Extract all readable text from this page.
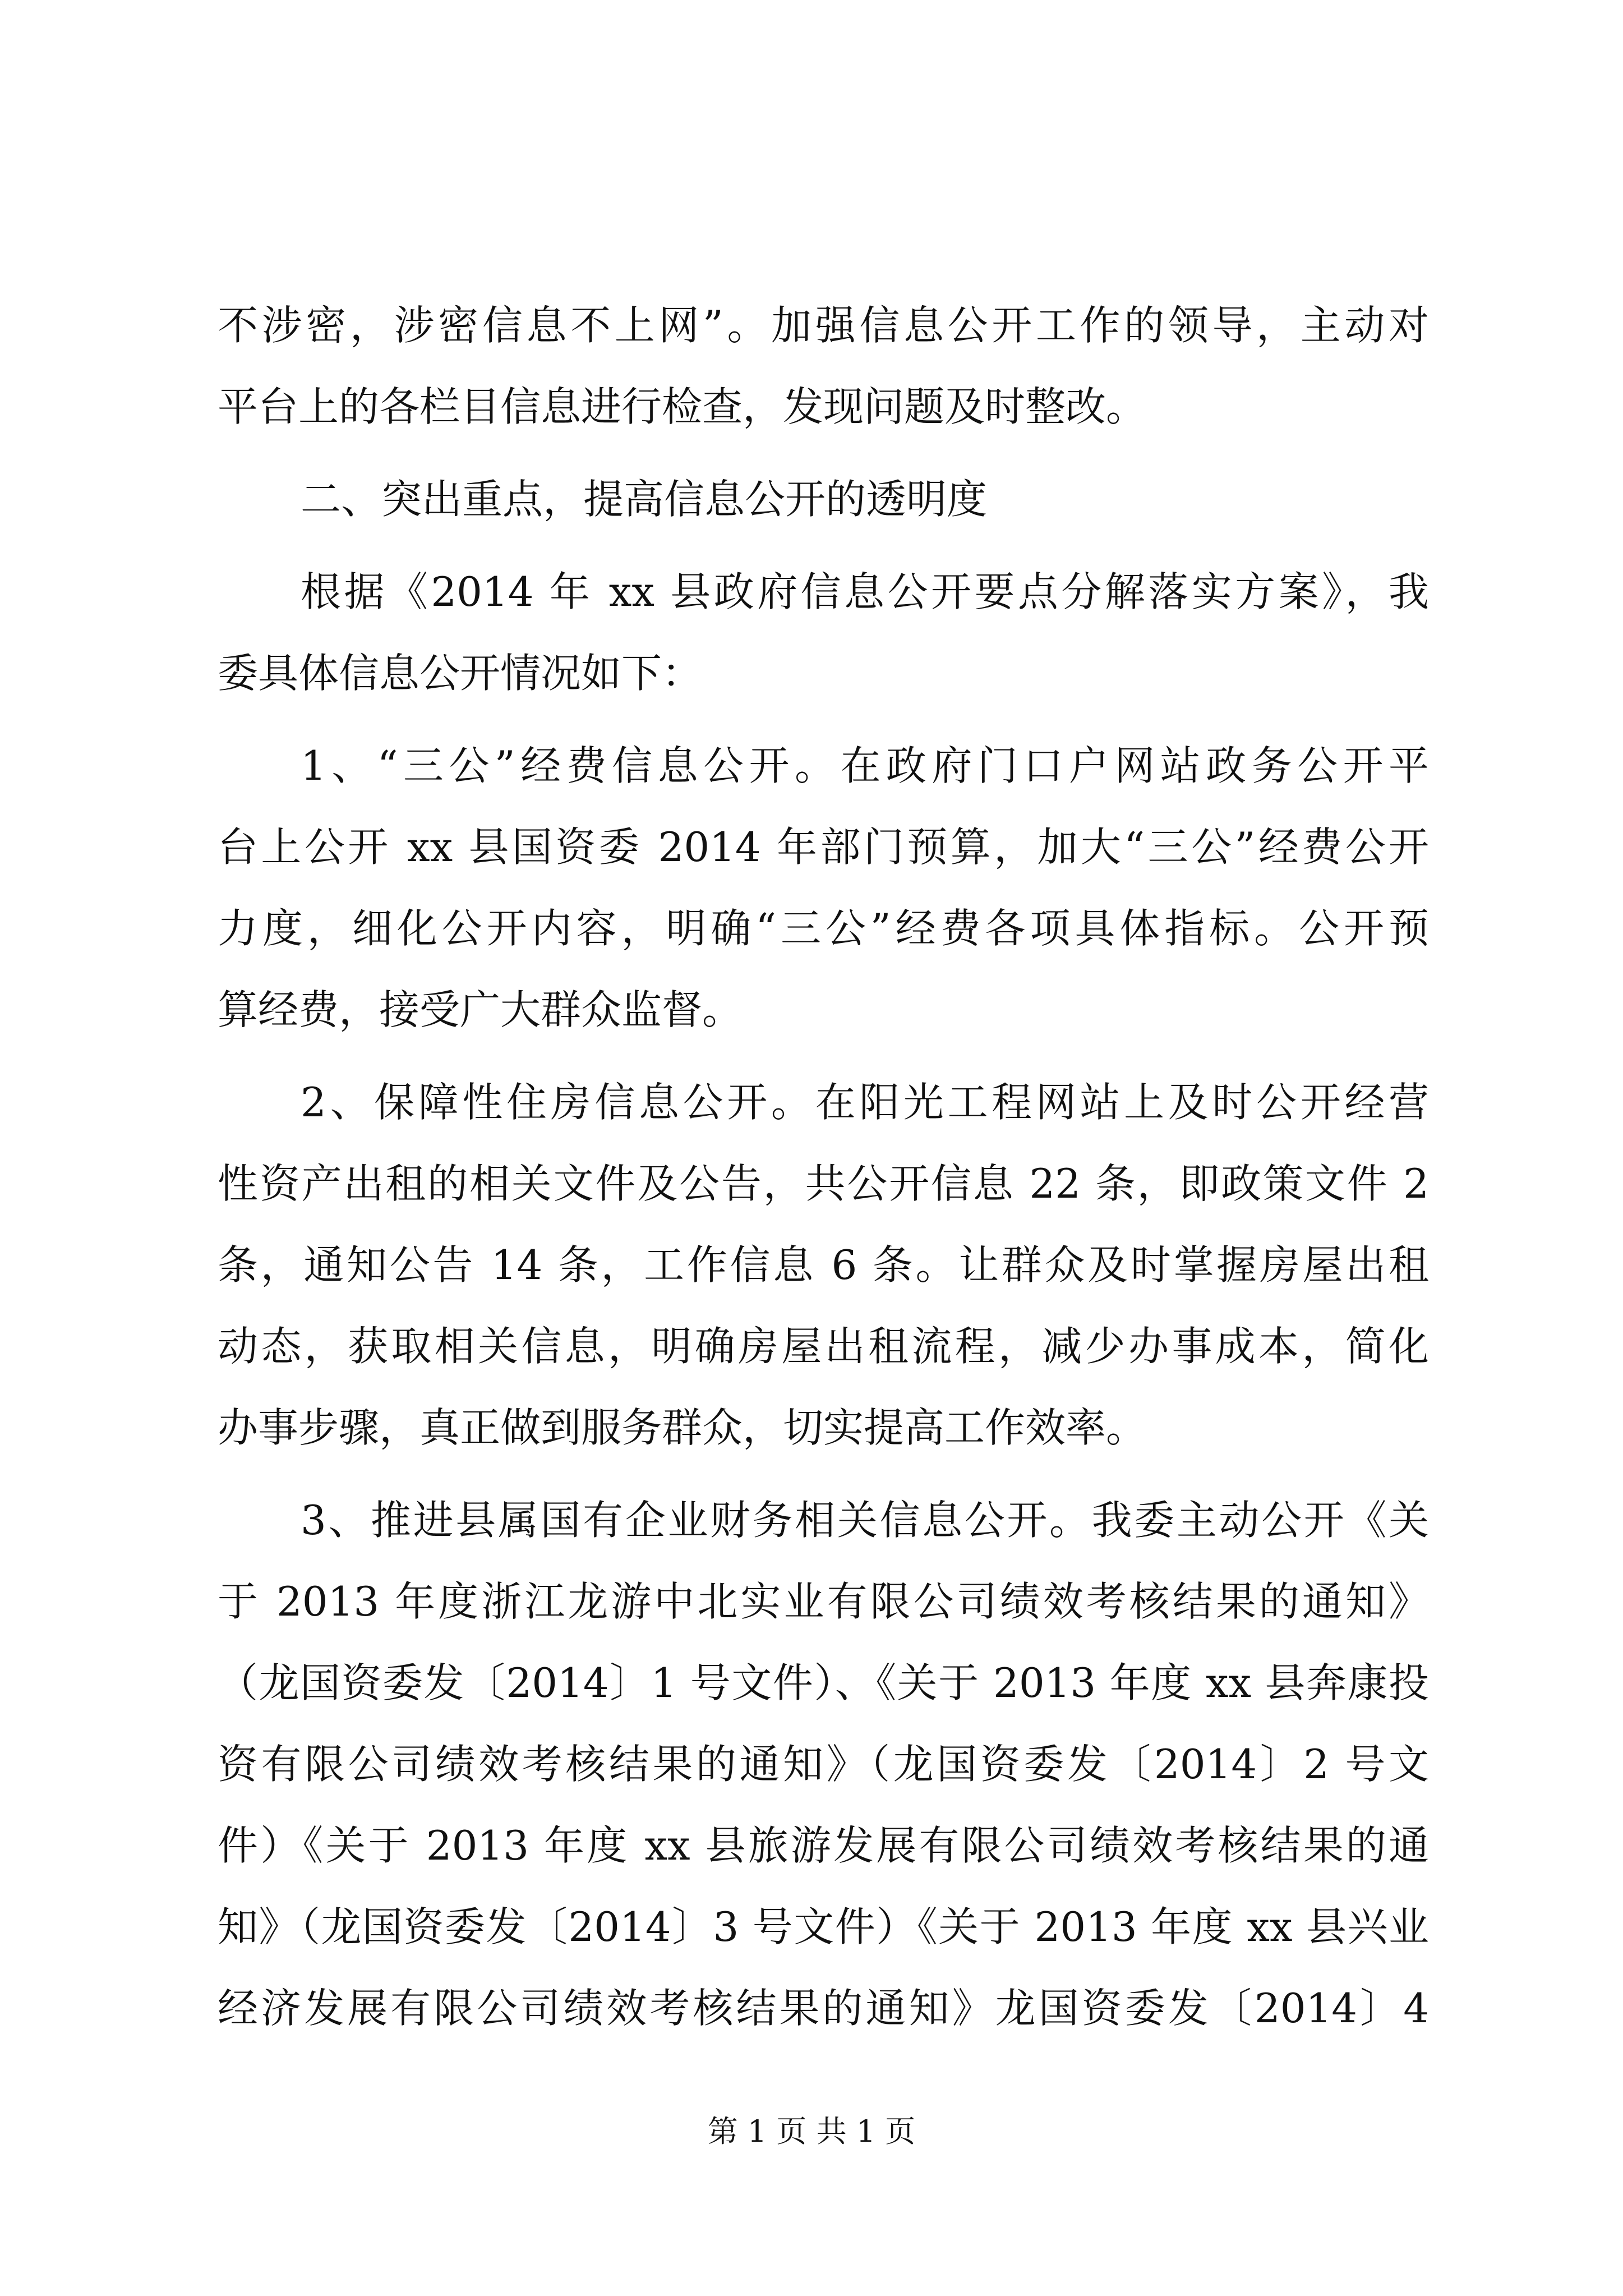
不涉密，涉密信息不上网”。加强信息公开工作的领导，主动对
平台上的各栏目信息进行检查，发现问题及时整改。
二、突出重点，提高信息公开的透明度
根据《2014 年 xx 县政府信息公开要点分解落实方案》，我
委具体信息公开情况如下：
1、“三公”经费信息公开。在政府门口户网站政务公开平
台上公开 xx 县国资委 2014 年部门预算，加大“三公”经费公开
力度，细化公开内容，明确“三公”经费各项具体指标。公开预
算经费，接受广大群众监督。
2、保障性住房信息公开。在阳光工程网站上及时公开经营
性资产出租的相关文件及公告，共公开信息 22 条，即政策文件 2
条，通知公告 14 条，工作信息 6 条。让群众及时掌握房屋出租
动态，获取相关信息，明确房屋出租流程，减少办事成本，简化
办事步骤，真正做到服务群众，切实提高工作效率。
3、推进县属国有企业财务相关信息公开。我委主动公开《关
于 2013 年度浙江龙游中北实业有限公司绩效考核结果的通知》
（龙国资委发〔2014〕1 号文件）、《关于 2013 年度 xx 县奔康投
资有限公司绩效考核结果的通知》（龙国资委发〔2014〕2 号文
件）《关于 2013 年度 xx 县旅游发展有限公司绩效考核结果的通
知》（龙国资委发〔2014〕3 号文件）《关于 2013 年度 xx 县兴业
经济发展有限公司绩效考核结果的通知》龙国资委发〔2014〕4
第 1 页 共 1 页
